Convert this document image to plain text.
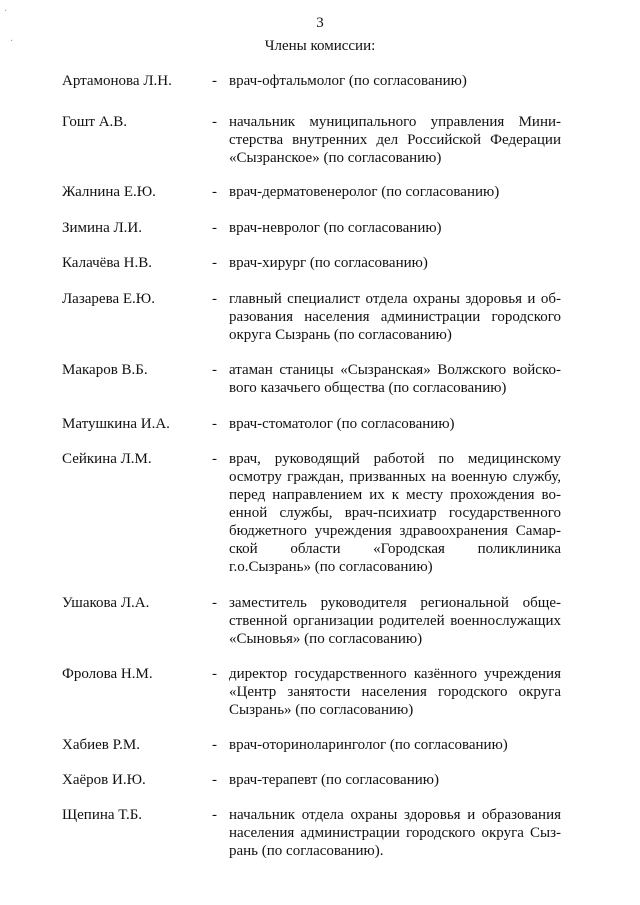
·
·
3
Члены комиссии:
Артамонова Л.Н.	- врач-офтальмолог (по согласованию)
Гошт А.В.	- начальник муниципального управления Мини-
стерства внутренних дел Российской Федерации
«Сызранское» (по согласованию)
Жалнина Е.Ю.	- врач-дерматовенеролог (по согласованию)
Зимина Л.И.	- врач-невролог (по согласованию)
Калачёва Н.В.	- врач-хирург (по согласованию)
Лазарева Е.Ю.	- главный специалист отдела охраны здоровья и об-
разования населения администрации городского
округа Сызрань (по согласованию)
Макаров В.Б.	- атаман станицы «Сызранская» Волжского войско-
вого казачьего общества (по согласованию)
Матушкина И.А.	- врач-стоматолог (по согласованию)
Сейкина Л.М.	- врач, руководящий работой по медицинскому
осмотру граждан, призванных на военную службу,
перед направлением их к месту прохождения во-
енной службы, врач-психиатр государственного
бюджетного учреждения здравоохранения Самар-
ской области «Городская поликлиника
г.о.Сызрань» (по согласованию)
Ушакова Л.А.	- заместитель руководителя региональной обще-
ственной организации родителей военнослужащих
«Сыновья» (по согласованию)
Фролова Н.М.	- директор государственного казённого учреждения
«Центр занятости населения городского округа
Сызрань» (по согласованию)
Хабиев Р.М.	- врач-оториноларинголог (по согласованию)
Хаёров И.Ю.	- врач-терапевт (по согласованию)
Щепина Т.Б.	- начальник отдела охраны здоровья и образования
населения администрации городского округа Сыз-
рань (по согласованию).
